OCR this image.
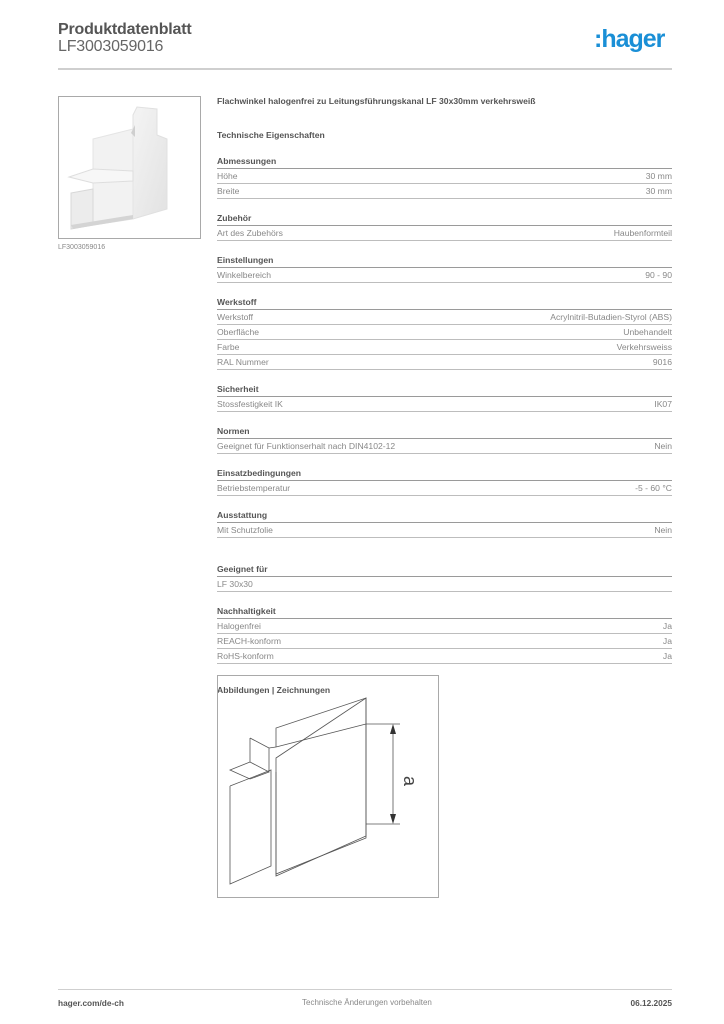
Produktdatenblatt
LF3003059016	:hager
LF3003059016
Flachwinkel halogenfrei zu Leitungsführungskanal LF 30x30mm verkehrsweiß
Technische Eigenschaften
Abmessungen
Höhe	30 mm
Breite	30 mm
Zubehör
Art des Zubehörs	Haubenformteil
Einstellungen
Winkelbereich	90 - 90
Werkstoff
Werkstoff	Acrylnitril-Butadien-Styrol (ABS)
Oberfläche	Unbehandelt
Farbe	Verkehrsweiss
RAL Nummer	9016
Sicherheit
Stossfestigkeit IK	IK07
Normen
Geeignet für Funktionserhalt nach DIN4102-12	Nein
Einsatzbedingungen
Betriebstemperatur	-5 - 60 °C
Ausstattung
Mit Schutzfolie	Nein
Geeignet für
LF 30x30
Nachhaltigkeit
Halogenfrei	Ja
REACH-konform	Ja
RoHS-konform	Ja
Abbildungen | Zeichnungen
a
hager.com/de-ch	Technische Änderungen vorbehalten	06.12.2025
